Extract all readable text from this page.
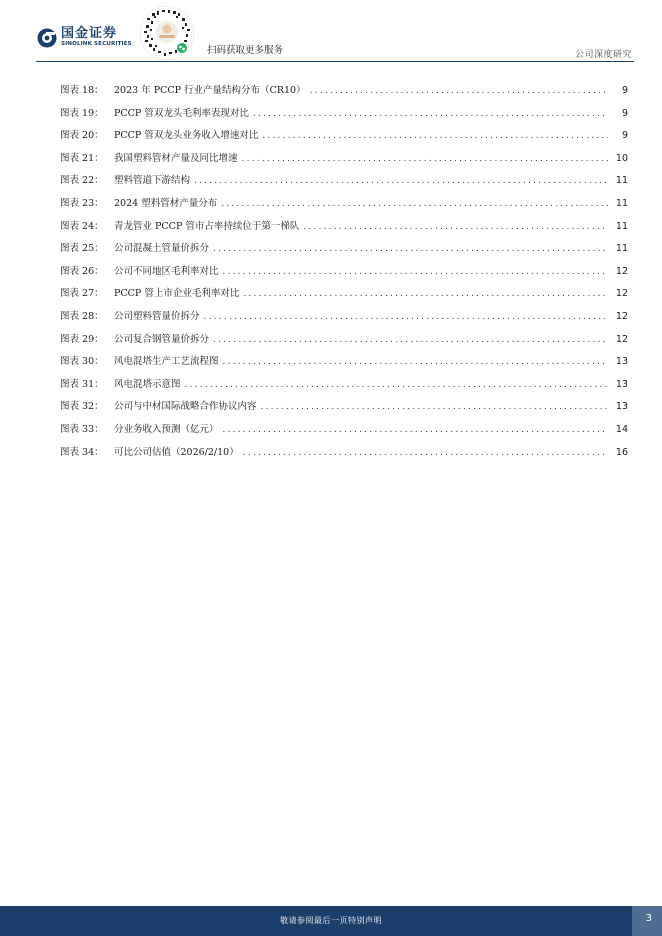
国金证券
SINOLINK SECURITIES
扫码获取更多服务	公司深度研究
图表 18：	2023 年 PCCP 行业产量结构分布（CR10） .....	9
图表 19：	PCCP 管双龙头毛利率表现对比 .....	9
图表 20：	PCCP 管双龙头业务收入增速对比 .....	9
图表 21：	我国塑料管材产量及同比增速 .....	10
图表 22：	塑料管道下游结构 .....	11
图表 23：	2024 塑料管材产量分布 .....	11
图表 24：	青龙管业 PCCP 管市占率持续位于第一梯队 .....	11
图表 25：	公司混凝土管量价拆分 .....	11
图表 26：	公司不同地区毛利率对比 .....	12
图表 27：	PCCP 管上市企业毛利率对比 .....	12
图表 28：	公司塑料管量价拆分 .....	12
图表 29：	公司复合钢管量价拆分 .....	12
图表 30：	风电混塔生产工艺流程图 .....	13
图表 31：	风电混塔示意图 .....	13
图表 32：	公司与中材国际战略合作协议内容 .....	13
图表 33：	分业务收入预测（亿元） .....	14
图表 34：	可比公司估值（2026/2/10） .....	16
敬请参阅最后一页特别声明	3
